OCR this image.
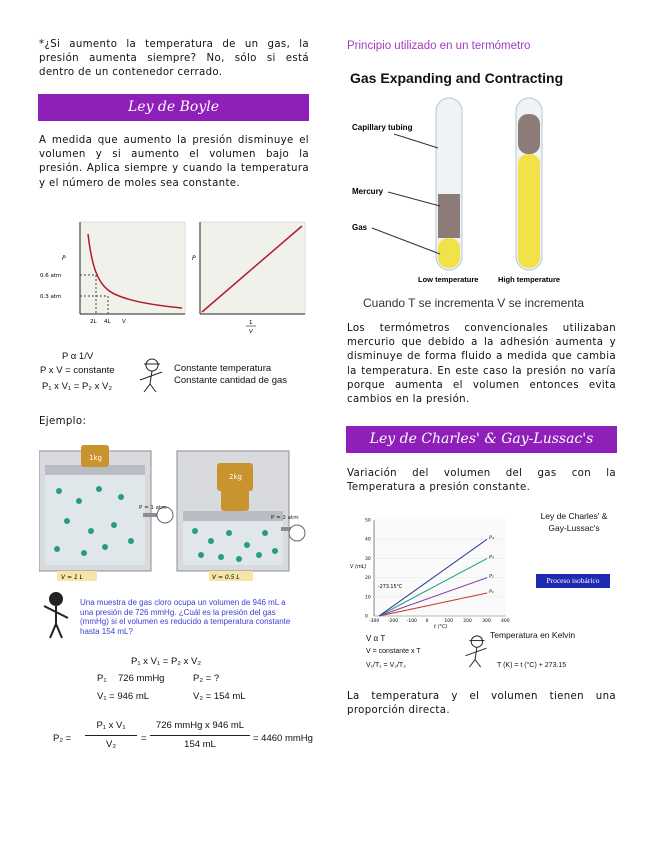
*¿Si aumento la temperatura de un gas, la presión aumenta siempre? No, sólo si está dentro de un contenedor cerrado.

Ley de Boyle

A medida que aumento la presión disminuye el volumen y si aumento el volumen bajo la presión. Aplica siempre y cuando la temperatura y el número de moles sea constante.

P
0.6 atm
0.3 atm
2L 4L V
P
1
V
P α 1/V
P x V = constante
P₁ x V₁ = P₂ x V₂
Constante temperatura
Constante cantidad de gas
Ejemplo:
1kg
P = 1 atm
V = 1 L
2kg
P = 2 atm
V = 0.5 L
Una muestra de gas cloro ocupa un volumen de 946 mL a una presión de 726 mmHg. ¿Cuál es la presión del gas (mmHg) si el volumen es reducido a temperatura constante hasta 154 mL?
P₁ x V₁ = P₂ x V₂
P₁ 726 mmHg	P₂ = ?
V₁ = 946 mL	V₂ = 154 mL
P₂ =
P₁ x V₁
V₂
=
726 mmHg x 946 mL
154 mL
= 4460 mmHg
Principio utilizado en un termómetro
Gas Expanding and Contracting
Capillary tubing
Mercury
Gas
Low temperature	High temperature
Cuando T se incrementa V se incrementa

Los termómetros convencionales utilizaban mercurio que debido a la adhesión aumenta y disminuye de forma fluido a medida que cambia la temperatura. En este caso la presión no varía porque aumenta el volumen entonces evita cambios en la presión.

Ley de Charles' & Gay-Lussac's

Variación del volumen del gas con la Temperatura a presión constante.

-300 -200 -100 0	100 200 300 400
50
40
30
20
10
0
P₁
P₂
P₃
P₄
t (°C)
V (mL)
-273.15°C
Ley de Charles' & Gay-Lussac's
Proceso isobárico
V α T
V = constante x T
V₁/T₁ = V₂/T₂
Temperatura en Kelvin
T (K) = t (°C) + 273.15

La temperatura y el volumen tienen una proporción directa.
